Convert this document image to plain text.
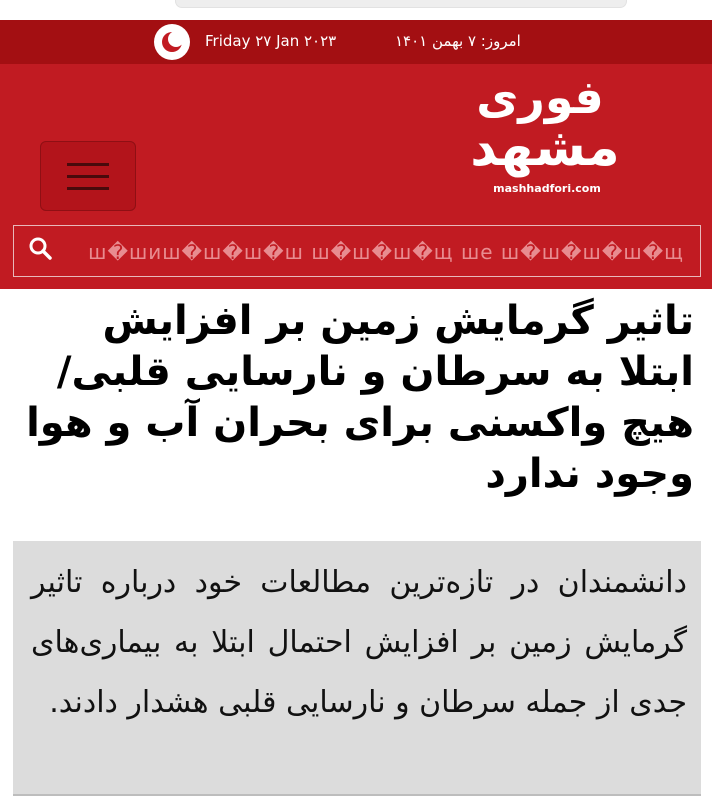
Friday ۲۷ Jan ۲۰۲۳	امروز: ۷ بهمن ۱۴۰۱
فوری
مشهد
mashhadfori.com
ш�шиш�ш�ш�ш ш�ш�ш�щ ше ш�ш�ш�ш�щ
تاثیر گرمایش زمین بر افزایش ابتلا به سرطان و نارسایی قلبی/هیچ واکسنی برای بحران آب و هوا وجود ندارد

دانشمندان در تازه‌ترین مطالعات خود درباره تاثیر گرمایش زمین بر افزایش احتمال ابتلا به بیماری‌های جدی از جمله سرطان و نارسایی قلبی هشدار دادند.
